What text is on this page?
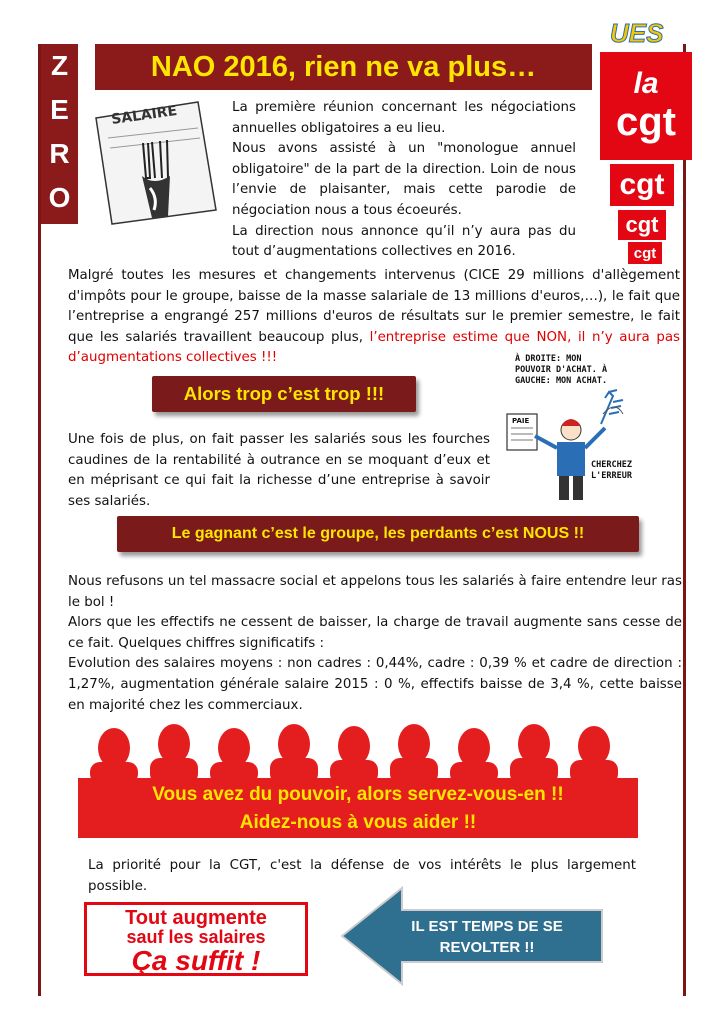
Z
E
R
O
NAO 2016, rien ne va plus…
UES
la
cgt
cgt
cgt
cgt
SALAIRE	La première réunion concernant les négociations annuelles obligatoires a eu lieu.
Nous avons assisté à un "monologue annuel obligatoire" de la part de la direction. Loin de nous l’envie de plaisanter, mais cette parodie de négociation nous a tous écoeurés.
La direction nous annonce qu’il n’y aura pas du tout d’augmentations collectives en 2016.

Malgré toutes les mesures et changements intervenus (CICE 29 millions d'allègement d'impôts pour le groupe, baisse de la masse salariale de 13 millions d'euros,…), le fait que l’entreprise a engrangé 257 millions d'euros de résultats sur le premier semestre, le fait que les salariés travaillent beaucoup plus, l’entreprise estime que NON, il n’y aura pas d’augmentations collectives !!!

Alors trop c’est trop !!!
À DROITE: MON POUVOIR D'ACHAT. À GAUCHE: MON ACHAT.
PAIE
CHERCHEZ L'ERREUR

Une fois de plus, on fait passer les salariés sous les fourches caudines de la rentabilité à outrance en se moquant d’eux et en méprisant ce qui fait la richesse d’une entreprise à savoir ses salariés.

Le gagnant c’est le groupe, les perdants c’est NOUS !!
Nous refusons un tel massacre social et appelons tous les salariés à faire entendre leur ras le bol !
Alors que les effectifs ne cessent de baisser, la charge de travail augmente sans cesse de ce fait. Quelques chiffres significatifs :
Evolution des salaires moyens : non cadres : 0,44%, cadre : 0,39 % et cadre de direction : 1,27%, augmentation générale salaire 2015 : 0 %, effectifs baisse de 3,4 %, cette baisse en majorité chez les commerciaux.
Vous avez du pouvoir, alors servez-vous-en !!
Aidez-nous à vous aider !!

La priorité pour la CGT, c'est la défense de vos intérêts le plus largement possible.

Tout augmente
sauf les salaires
Ça suffit !
IL EST TEMPS DE SE
REVOLTER !!
